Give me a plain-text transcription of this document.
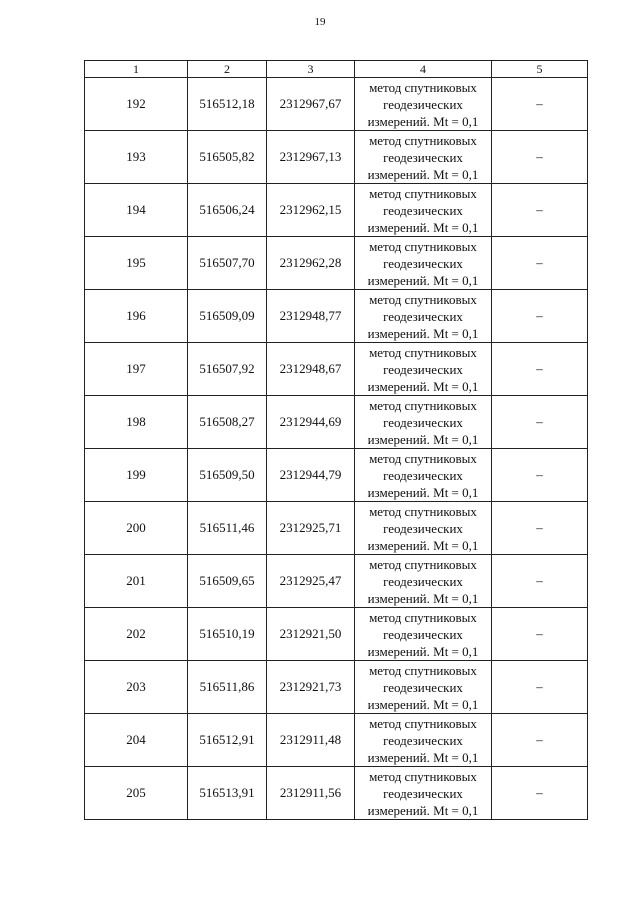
19
1	2	3	4	5
192	516512,18	2312967,67	метод спутниковых
геодезических
измерений. Mt = 0,1	–
193	516505,82	2312967,13	метод спутниковых
геодезических
измерений. Mt = 0,1	–
194	516506,24	2312962,15	метод спутниковых
геодезических
измерений. Mt = 0,1	–
195	516507,70	2312962,28	метод спутниковых
геодезических
измерений. Mt = 0,1	–
196	516509,09	2312948,77	метод спутниковых
геодезических
измерений. Mt = 0,1	–
197	516507,92	2312948,67	метод спутниковых
геодезических
измерений. Mt = 0,1	–
198	516508,27	2312944,69	метод спутниковых
геодезических
измерений. Mt = 0,1	–
199	516509,50	2312944,79	метод спутниковых
геодезических
измерений. Mt = 0,1	–
200	516511,46	2312925,71	метод спутниковых
геодезических
измерений. Mt = 0,1	–
201	516509,65	2312925,47	метод спутниковых
геодезических
измерений. Mt = 0,1	–
202	516510,19	2312921,50	метод спутниковых
геодезических
измерений. Mt = 0,1	–
203	516511,86	2312921,73	метод спутниковых
геодезических
измерений. Mt = 0,1	–
204	516512,91	2312911,48	метод спутниковых
геодезических
измерений. Mt = 0,1	–
205	516513,91	2312911,56	метод спутниковых
геодезических
измерений. Mt = 0,1	–
